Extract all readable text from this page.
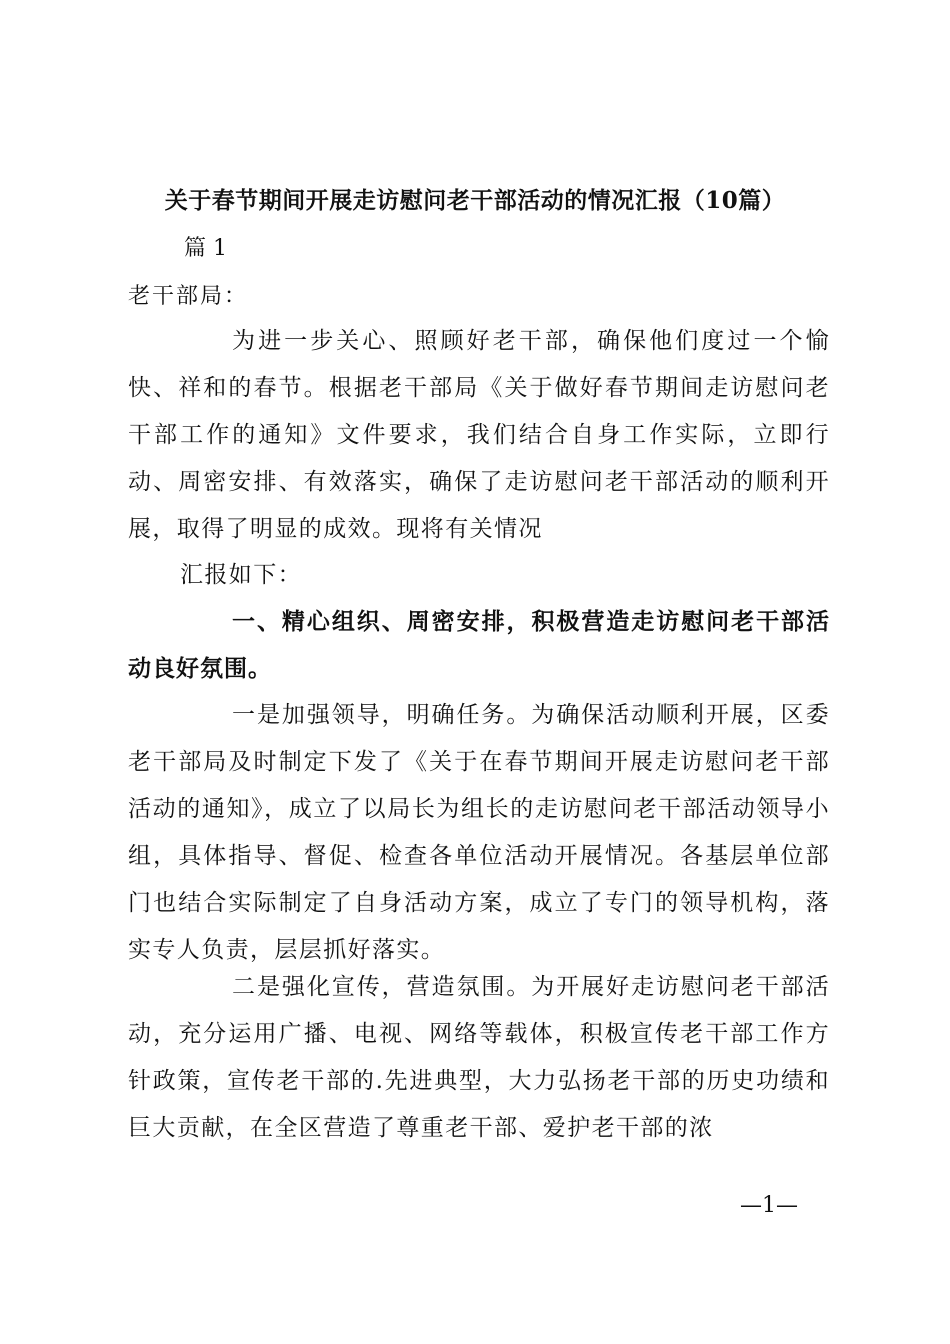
关于春节期间开展走访慰问老干部活动的情况汇报（10篇）
篇 1
老干部局：

为进一步关心、照顾好老干部，确保他们度过一个愉快、祥和的春节。根据老干部局《关于做好春节期间走访慰问老干部工作的通知》文件要求，我们结合自身工作实际，立即行动、周密安排、有效落实，确保了走访慰问老干部活动的顺利开展，取得了明显的成效。现将有关情况

汇报如下：

一、精心组织、周密安排，积极营造走访慰问老干部活动良好氛围。

一是加强领导，明确任务。为确保活动顺利开展，区委老干部局及时制定下发了《关于在春节期间开展走访慰问老干部活动的通知》，成立了以局长为组长的走访慰问老干部活动领导小组，具体指导、督促、检查各单位活动开展情况。各基层单位部门也结合实际制定了自身活动方案，成立了专门的领导机构，落实专人负责，层层抓好落实。

二是强化宣传，营造氛围。为开展好走访慰问老干部活动，充分运用广播、电视、网络等载体，积极宣传老干部工作方针政策，宣传老干部的.先进典型，大力弘扬老干部的历史功绩和巨大贡献，在全区营造了尊重老干部、爱护老干部的浓

—1—
